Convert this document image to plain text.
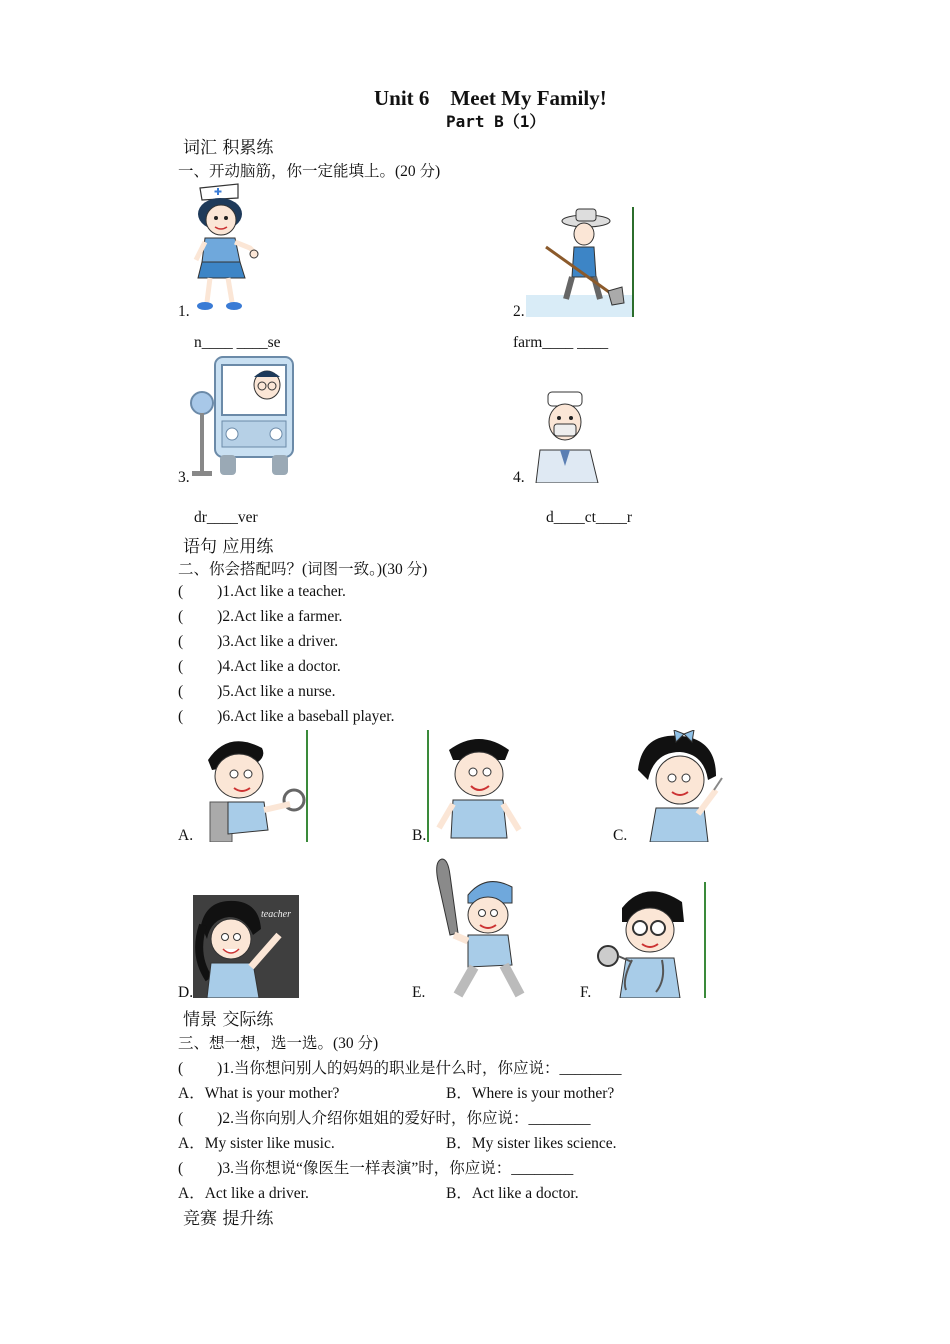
Unit 6　Meet My Family!
Part B（1）
词汇 积累练
一、开动脑筋，你一定能填上。(20 分)
1.
n____ ____se
2.
farm____ ____
3.
dr____ver
4.
d____ct____r
语句 应用练
二、你会搭配吗？(词图一致。)(30 分)
( )1.Act like a teacher.
( )2.Act like a farmer.
( )3.Act like a driver.
( )4.Act like a doctor.
( )5.Act like a nurse.
( )6.Act like a baseball player.
A.	B.	C.
teacher
D.	E.	F.
情景 交际练
三、想一想，选一选。(30 分)
( )1.当你想问别人的妈妈的职业是什么时，你应说：________
A．What is your mother?	B．Where is your mother?
( )2.当你向别人介绍你姐姐的爱好时，你应说：________
A．My sister like music.	B．My sister likes science.
( )3.当你想说“像医生一样表演”时，你应说：________
A．Act like a driver.	B．Act like a doctor.
竞赛 提升练
